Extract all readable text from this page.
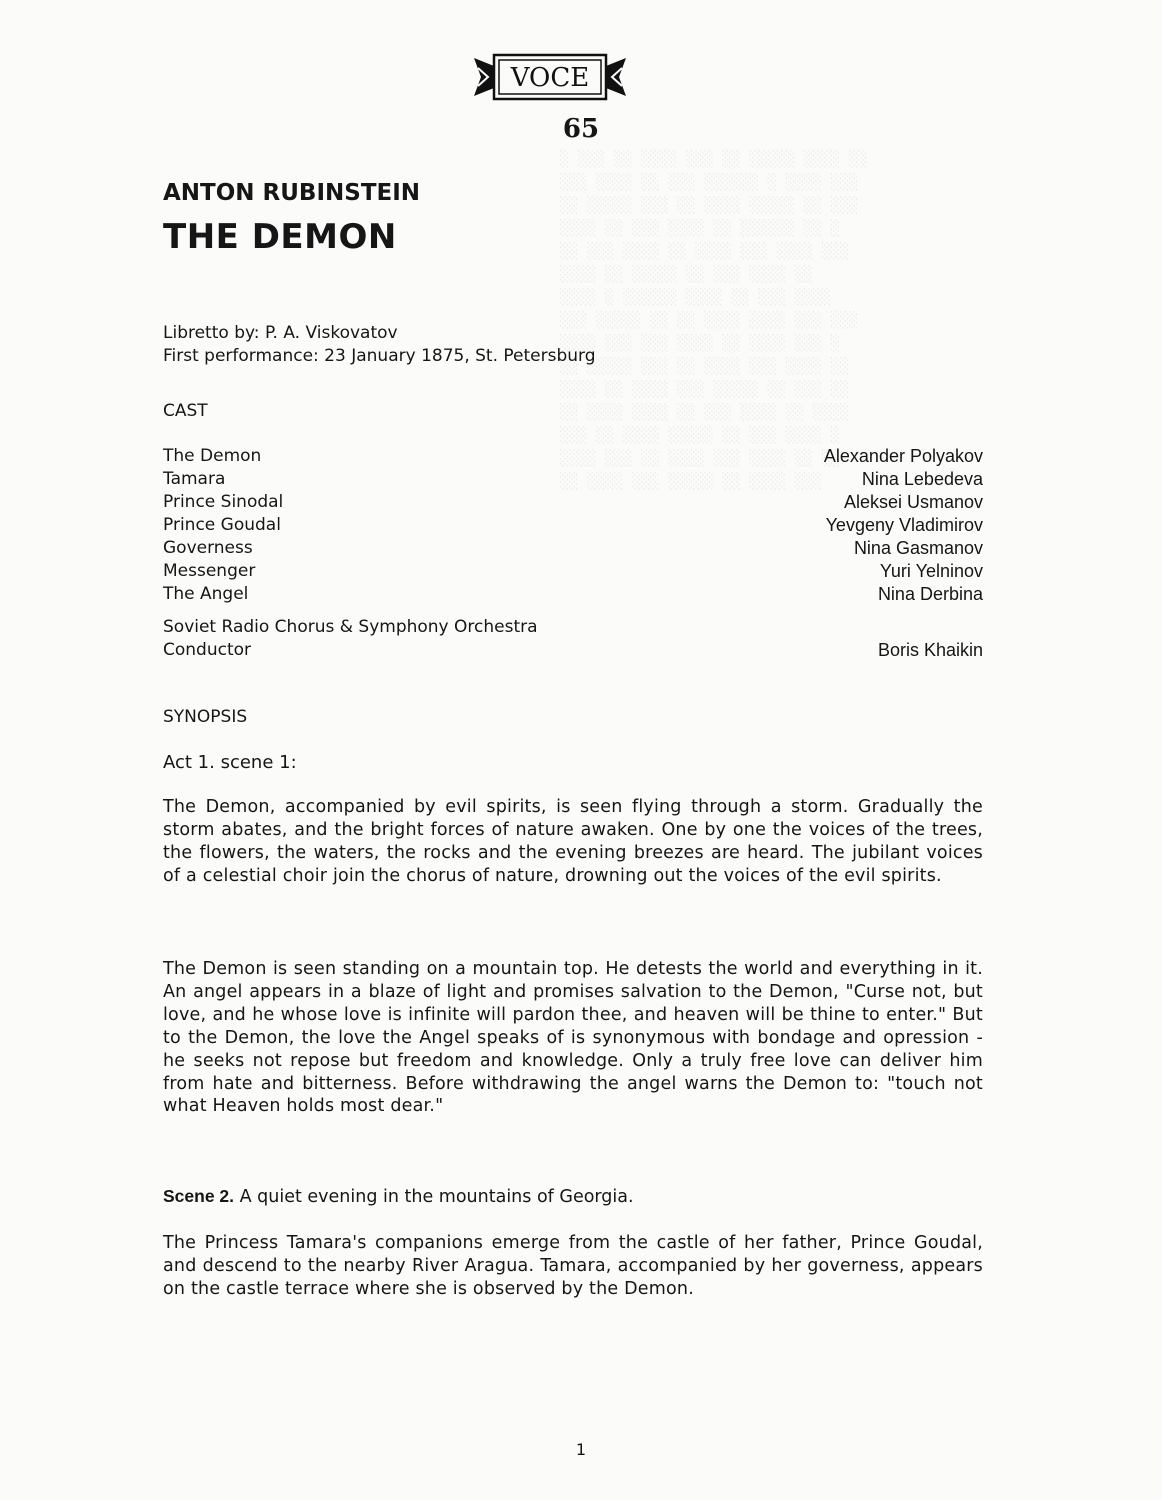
░ ░░░ ░░ ░░░░ ░░░ ░░ ░░░░░ ░░░░ ░░
░░░ ░░░░ ░░ ░░░ ░░░░░░ ░ ░░░░ ░░░
░░ ░░░░░ ░░░ ░░ ░░░░ ░░░░░ ░░ ░░░
░░░░ ░░ ░░░ ░░░░ ░░ ░░░░░░ ░░ ░
░░ ░░░ ░░░░ ░░ ░░░░ ░░░ ░░░░ ░░░
░░░░ ░░ ░░░░░ ░░ ░░░ ░░░░ ░░
░░░░ ░ ░░░░░░ ░░░░ ░░ ░░░ ░░░░
░░░ ░░░░░ ░░ ░░ ░░░░ ░░░░ ░░░ ░░░
░░░░ ░░░ ░░░ ░░░░ ░░ ░░░░ ░░░ ░
░░ ░░░░░ ░░░ ░░ ░░░░ ░░░ ░░░░ ░░
░░░░ ░░ ░░░░ ░░░ ░░░░░ ░░ ░░░ ░░
░░ ░░░░ ░░░░ ░░ ░░░ ░░░░ ░░ ░░░░
░░░ ░░ ░░░░ ░░░░░ ░░ ░░░ ░░░░ ░
░░░░ ░░░ ░░ ░░░░ ░░░ ░░░░ ░░ ░░
░░ ░░░░ ░░░ ░░░░░ ░░ ░░░░ ░░░
VOCE
65
ANTON RUBINSTEIN
THE DEMON
Libretto by: P. A. Viskovatov
First performance: 23 January 1875, St. Petersburg
CAST
The Demon	Alexander Polyakov
Tamara	Nina Lebedeva
Prince Sinodal	Aleksei Usmanov
Prince Goudal	Yevgeny Vladimirov
Governess	Nina Gasmanov
Messenger	Yuri Yelninov
The Angel	Nina Derbina
Soviet Radio Chorus & Symphony Orchestra
Conductor	Boris Khaikin
SYNOPSIS
Act 1. scene 1:
The Demon, accompanied by evil spirits, is seen flying through a storm. Gradually the storm abates, and the bright forces of nature awaken. One by one the voices of the trees, the flowers, the waters, the rocks and the evening breezes are heard. The jubilant voices of a celestial choir join the chorus of nature, drowning out the voices of the evil spirits.
The Demon is seen standing on a mountain top. He detests the world and everything in it. An angel appears in a blaze of light and promises salvation to the Demon, "Curse not, but love, and he whose love is infinite will pardon thee, and heaven will be thine to enter." But to the Demon, the love the Angel speaks of is synonymous with bondage and opression - he seeks not repose but freedom and knowledge. Only a truly free love can deliver him from hate and bitterness. Before withdrawing the angel warns the Demon to: "touch not what Heaven holds most dear."
Scene 2. A quiet evening in the mountains of Georgia.
The Princess Tamara's companions emerge from the castle of her father, Prince Goudal, and descend to the nearby River Aragua. Tamara, accompanied by her governess, appears on the castle terrace where she is observed by the Demon.
1
